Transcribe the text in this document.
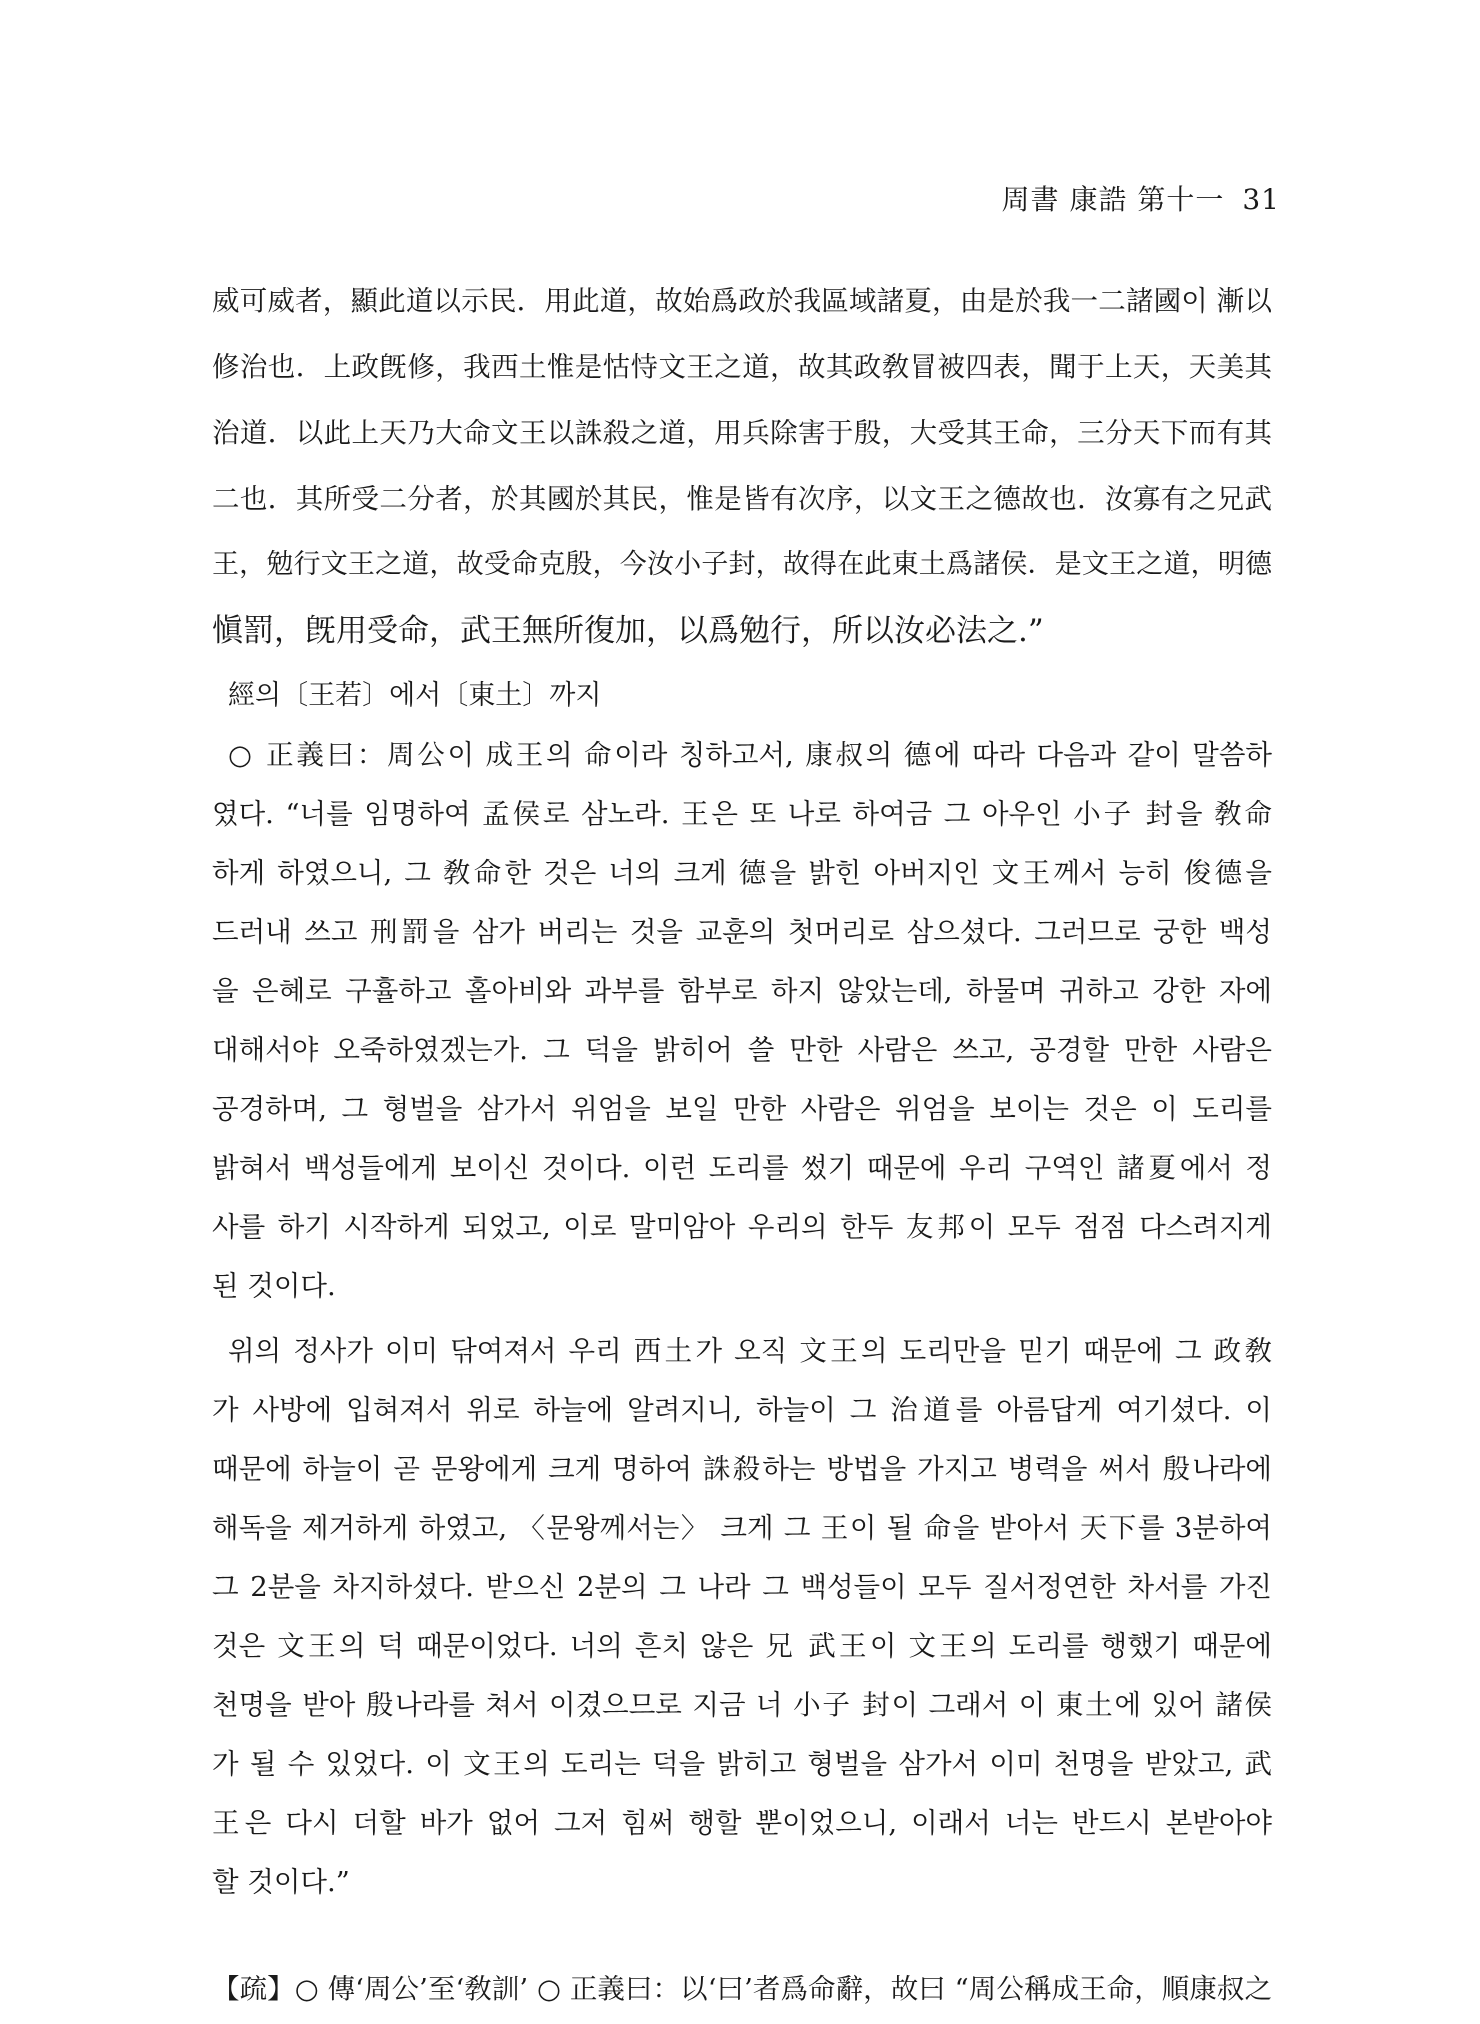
周書 康誥 第十一 31
威可威者，顯此道以示民．用此道，故始爲政於我區域諸夏，由是於我一二諸國이 漸以
修治也．上政旣修，我西土惟是怙恃文王之道，故其政敎冒被四表，聞于上天，天美其
治道．以此上天乃大命文王以誅殺之道，用兵除害于殷，大受其王命，三分天下而有其
二也．其所受二分者，於其國於其民，惟是皆有次序，以文王之德故也．汝寡有之兄武
王，勉行文王之道，故受命克殷，今汝小子封，故得在此東土爲諸侯．是文王之道，明德
愼罰，旣用受命，武王無所復加，以爲勉行，所以汝必法之.”
經의〔王若〕에서〔東土〕까지
○ 正義曰：周公이 成王의 命이라 칭하고서, 康叔의 德에 따라 다음과 같이 말씀하
였다. “너를 임명하여 孟侯로 삼노라. 王은 또 나로 하여금 그 아우인 小子 封을 敎命
하게 하였으니, 그 敎命한 것은 너의 크게 德을 밝힌 아버지인 文王께서 능히 俊德을
드러내 쓰고 刑罰을 삼가 버리는 것을 교훈의 첫머리로 삼으셨다. 그러므로 궁한 백성
을 은혜로 구휼하고 홀아비와 과부를 함부로 하지 않았는데, 하물며 귀하고 강한 자에
대해서야 오죽하였겠는가. 그 덕을 밝히어 쓸 만한 사람은 쓰고, 공경할 만한 사람은
공경하며, 그 형벌을 삼가서 위엄을 보일 만한 사람은 위엄을 보이는 것은 이 도리를
밝혀서 백성들에게 보이신 것이다. 이런 도리를 썼기 때문에 우리 구역인 諸夏에서 정
사를 하기 시작하게 되었고, 이로 말미암아 우리의 한두 友邦이 모두 점점 다스려지게
된 것이다.
위의 정사가 이미 닦여져서 우리 西土가 오직 文王의 도리만을 믿기 때문에 그 政敎
가 사방에 입혀져서 위로 하늘에 알려지니, 하늘이 그 治道를 아름답게 여기셨다. 이
때문에 하늘이 곧 문왕에게 크게 명하여 誅殺하는 방법을 가지고 병력을 써서 殷나라에
해독을 제거하게 하였고, 〈문왕께서는〉 크게 그 王이 될 命을 받아서 天下를 3분하여
그 2분을 차지하셨다. 받으신 2분의 그 나라 그 백성들이 모두 질서정연한 차서를 가진
것은 文王의 덕 때문이었다. 너의 흔치 않은 兄 武王이 文王의 도리를 행했기 때문에
천명을 받아 殷나라를 쳐서 이겼으므로 지금 너 小子 封이 그래서 이 東土에 있어 諸侯
가 될 수 있었다. 이 文王의 도리는 덕을 밝히고 형벌을 삼가서 이미 천명을 받았고, 武
王은 다시 더할 바가 없어 그저 힘써 행할 뿐이었으니, 이래서 너는 반드시 본받아야
할 것이다.”
【疏】○ 傳‘周公’至‘敎訓’ ○ 正義曰：以‘曰’者爲命辭，故曰 “周公稱成王命，順康叔之
